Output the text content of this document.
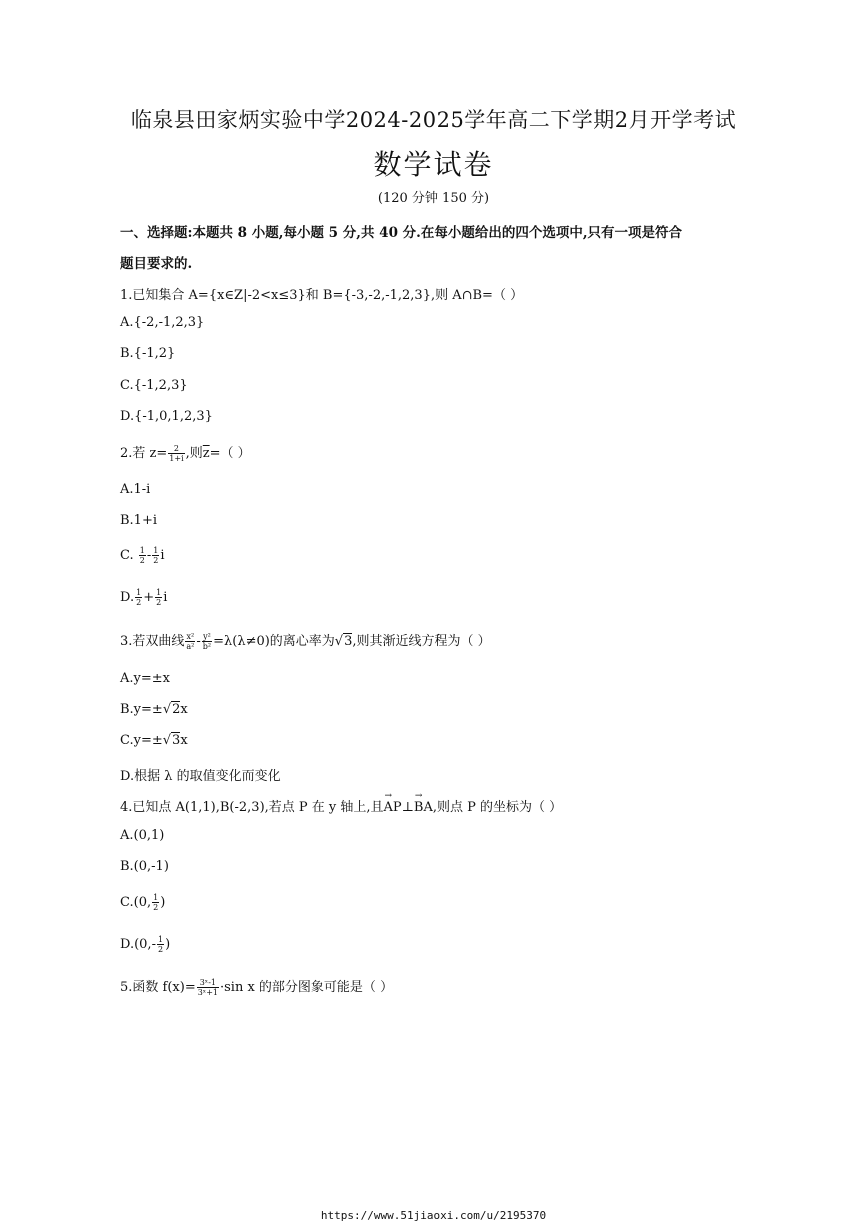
临泉县田家炳实验中学2024-2025学年高二下学期2月开学考试
数学试卷
(120 分钟 150 分)
一、选择题:本题共 8 小题,每小题 5 分,共 40 分.在每小题给出的四个选项中,只有一项是符合
题目要求的.
1.已知集合 A={x∈Z|-2<x≤3}和 B={-3,-2,-1,2,3},则 A∩B=（ ）
A.{-2,-1,2,3}
B.{-1,2}
C.{-1,2,3}
D.{-1,0,1,2,3}
2.若 $z= \frac{2}{1+i}$ ,则$\overline{z}=$（ ）
A.1-i
B.1+i
C. $\frac{1}{2} - \frac{1}{2}$ i
D. $\frac{1}{2} + \frac{1}{2}$ i
3.若双曲线 $\frac{\text{x²}}{\text{a²}} - \frac{\text{y²}}{\text{b²}} =\lambda(\lambda\ne 0)$的离心率为√3,则其渐近线方程为（ ）
A.y=±x
B.y=±√2x
C.y=±√3x
D.根据 λ 的取值变化而变化
4.已知点 A(1,1),B(-2,3),若点 P 在 y 轴上,且→ AP⊥→ BA,则点 P 的坐标为（ ）
A.(0,1)
B.(0,-1)
C.(0, $\frac{1}{2}$ )
$D.(0,- \frac{1}{2}$ )
5.函数 $f(x)= \frac{\text{3ˣ-1}}{\text{3ˣ+1}} \cdot\sin$ x 的部分图象可能是（ ）
https://www.51jiaoxi.com/u/2195370
